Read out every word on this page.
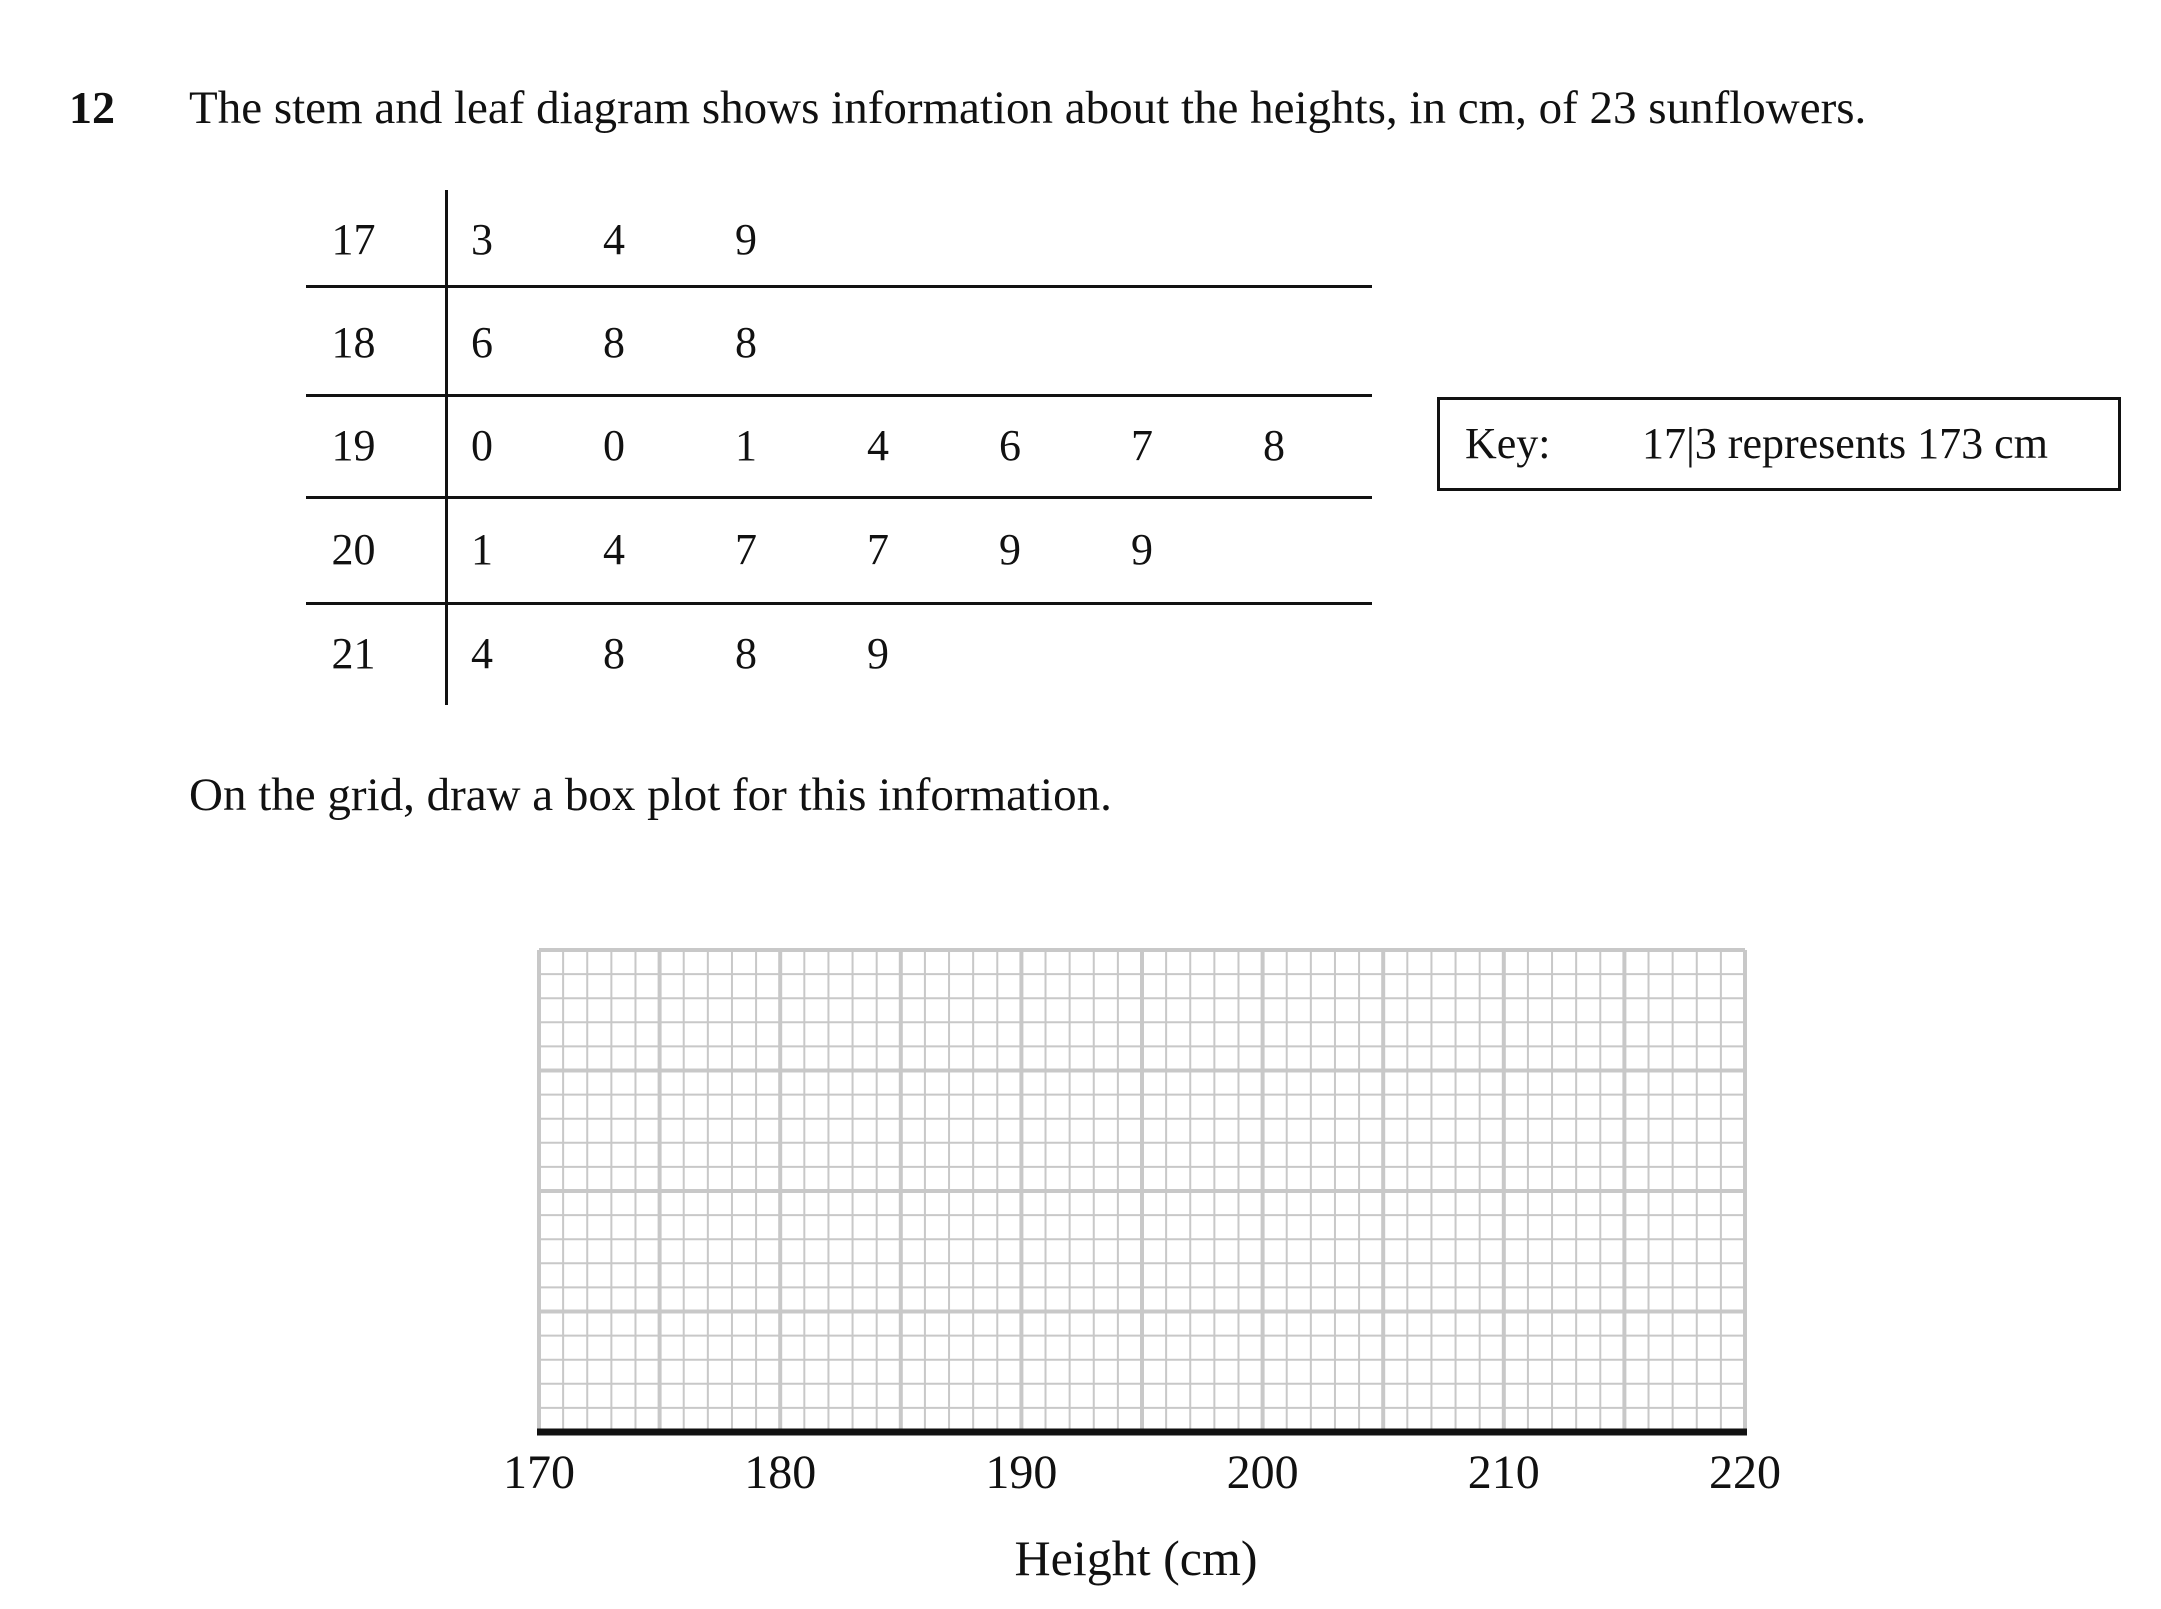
12 The stem and leaf diagram shows information about the heights, in cm, of 23 sunflowers.
17	3	4	9
18	6	8	8
19	0	0	1	4	6	7	8
20	1	4	7	7	9	9
21	4	8	8	9
Key: 17|3 represents 173 cm
On the grid, draw a box plot for this information.
170	180	190	200	210	220
Height (cm)
